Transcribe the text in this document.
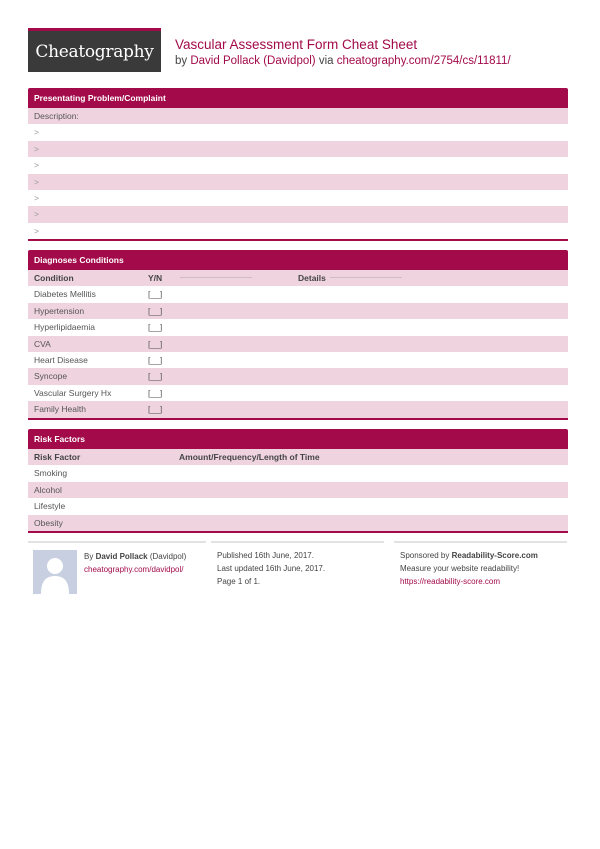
Cheatography Vascular Assessment Form Cheat Sheet
by David Pollack (Davidpol) via cheatography.com/2754/cs/11811/
Presentating Problem/Complaint
Description:
>
>
>
>
>
>
>
Diagnoses Conditions
Condition	Y/N	------------------------------------	Details ------------------------------------
Diabetes Mellitis	[__]
Hypertension	[__]
Hyperlipidaemia	[__]
CVA	[__]
Heart Disease	[__]
Syncope	[__]
Vascular Surgery Hx	[__]
Family Health	[__]
Risk Factors
Risk Factor	Amount/Frequency/Length of Time
Smoking
Alcohol
Lifestyle
Obesity
By David Pollack (Davidpol)
cheatography.com/davidpol/
Published 16th June, 2017.
Last updated 16th June, 2017.
Page 1 of 1.
Sponsored by Readability-Score.com
Measure your website readability!
https://readability-score.com
